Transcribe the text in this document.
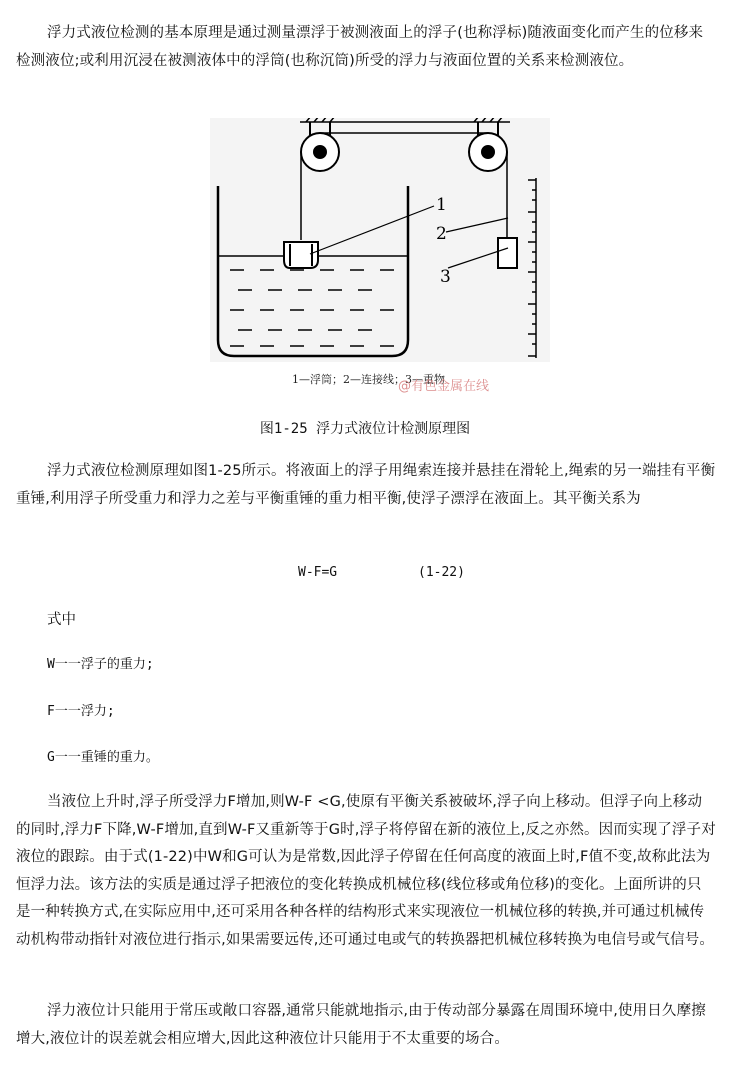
浮力式液位检测的基本原理是通过测量漂浮于被测液面上的浮子(也称浮标)随液面变化而产生的位移来检测液位;或利用沉浸在被测液体中的浮筒(也称沉筒)所受的浮力与液面位置的关系来检测液位。

1
2
3
1—浮筒；2—连接线；3—重物
@有色金属在线

图1-25 浮力式液位计检测原理图

浮力式液位检测原理如图1-25所示。将液面上的浮子用绳索连接并悬挂在滑轮上,绳索的另一端挂有平衡重锤,利用浮子所受重力和浮力之差与平衡重锤的重力相平衡,使浮子漂浮在液面上。其平衡关系为

W-F=G	(1-22)

式中

W一一浮子的重力;

F一一浮力;

G一一重锤的重力。

当液位上升时,浮子所受浮力F增加,则W-F <G,使原有平衡关系被破坏,浮子向上移动。但浮子向上移动的同时,浮力F下降,W-F增加,直到W-F又重新等于G时,浮子将停留在新的液位上,反之亦然。因而实现了浮子对液位的跟踪。由于式(1-22)中W和G可认为是常数,因此浮子停留在任何高度的液面上时,F值不变,故称此法为恒浮力法。该方法的实质是通过浮子把液位的变化转换成机械位移(线位移或角位移)的变化。上面所讲的只是一种转换方式,在实际应用中,还可采用各种各样的结构形式来实现液位一机械位移的转换,并可通过机械传动机构带动指针对液位进行指示,如果需要远传,还可通过电或气的转换器把机械位移转换为电信号或气信号。

浮力液位计只能用于常压或敞口容器,通常只能就地指示,由于传动部分暴露在周围环境中,使用日久摩擦增大,液位计的误差就会相应增大,因此这种液位计只能用于不太重要的场合。
